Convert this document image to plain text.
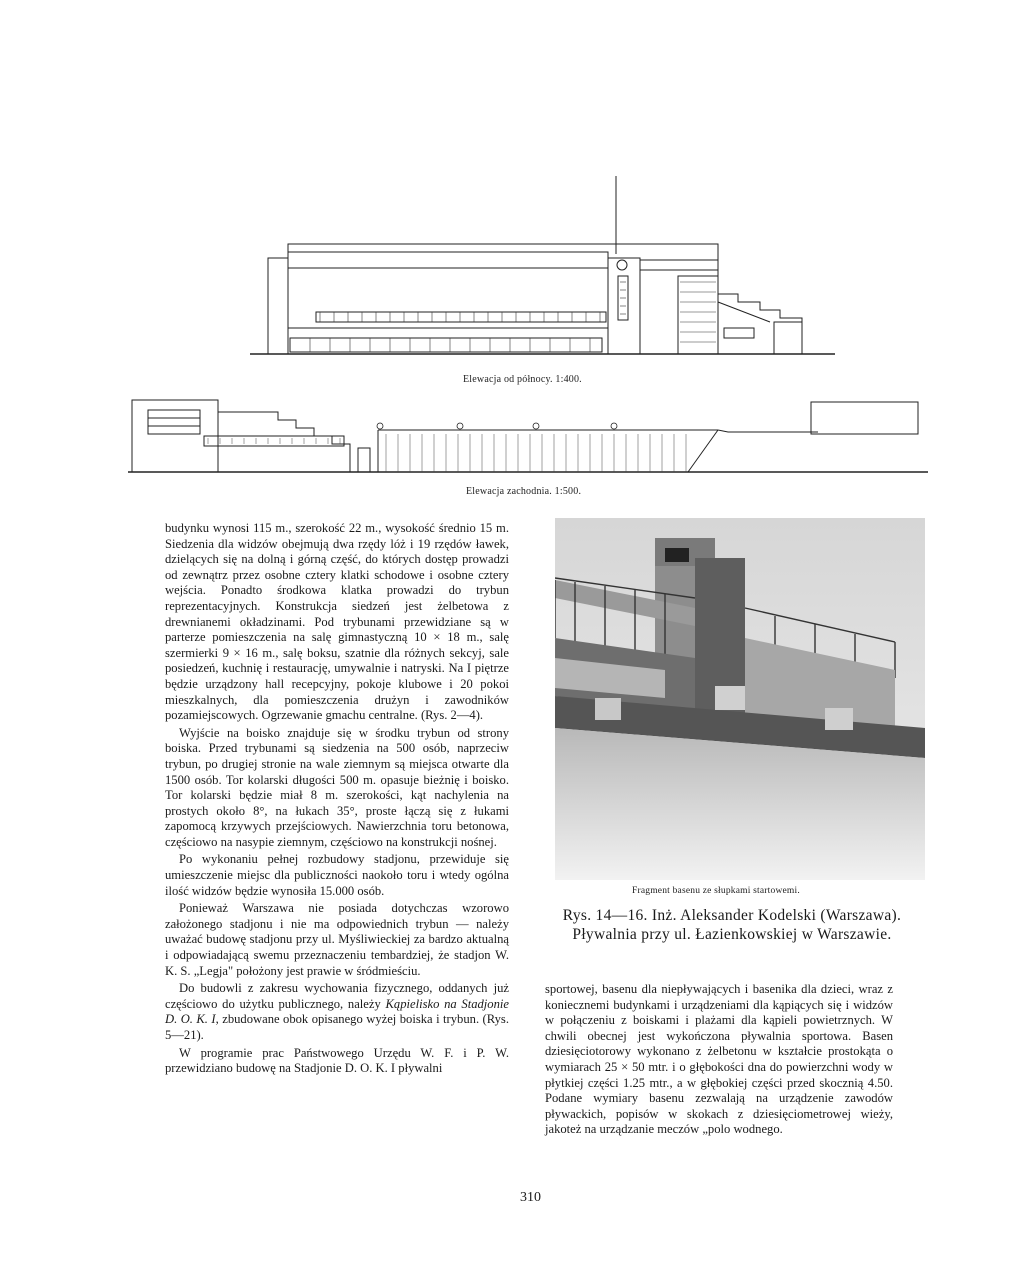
Elewacja od północy. 1:400.
Elewacja zachodnia. 1:500.
Fragment basenu ze słupkami startowemi.
Rys. 14—16. Inż. Aleksander Kodelski (Warszawa).
Pływalnia przy ul. Łazienkowskiej w Warszawie.

budynku wynosi 115 m., szerokość 22 m., wysokość średnio 15 m. Siedzenia dla widzów obejmują dwa rzędy lóż i 19 rzędów ławek, dzielących się na dolną i górną część, do których dostęp prowadzi od zewnątrz przez osobne cztery klatki schodowe i osobne cztery wejścia. Ponadto środkowa klatka prowadzi do trybun reprezentacyjnych. Konstrukcja siedzeń jest żelbetowa z drewnianemi okładzinami. Pod trybunami przewidziane są w parterze pomieszczenia na salę gimnastyczną 10 × 18 m., salę szermierki 9 × 16 m., salę boksu, szatnie dla różnych sekcyj, sale posiedzeń, kuchnię i restaurację, umywalnie i natryski. Na I piętrze będzie urządzony hall recepcyjny, pokoje klubowe i 20 pokoi mieszkalnych, dla pomieszczenia drużyn i zawodników pozamiejscowych. Ogrzewanie gmachu centralne. (Rys. 2—4).

Wyjście na boisko znajduje się w środku trybun od strony boiska. Przed trybunami są siedzenia na 500 osób, naprzeciw trybun, po drugiej stronie na wale ziemnym są miejsca otwarte dla 1500 osób. Tor kolarski długości 500 m. opasuje bieżnię i boisko. Tor kolarski będzie miał 8 m. szerokości, kąt nachylenia na prostych około 8°, na łukach 35°, proste łączą się z łukami zapomocą krzywych przejściowych. Nawierzchnia toru betonowa, częściowo na nasypie ziemnym, częściowo na konstrukcji nośnej.

Po wykonaniu pełnej rozbudowy stadjonu, przewiduje się umieszczenie miejsc dla publiczności naokoło toru i wtedy ogólna ilość widzów będzie wynosiła 15.000 osób.

Ponieważ Warszawa nie posiada dotychczas wzorowo założonego stadjonu i nie ma odpowiednich trybun — należy uważać budowę stadjonu przy ul. Myśliwieckiej za bardzo aktualną i odpowiadającą swemu przeznaczeniu tembardziej, że stadjon W. K. S. „Legja" położony jest prawie w śródmieściu.

Do budowli z zakresu wychowania fizycznego, oddanych już częściowo do użytku publicznego, należy Kąpielisko na Stadjonie D. O. K. I, zbudowane obok opisanego wyżej boiska i trybun. (Rys. 5—21).

W programie prac Państwowego Urzędu W. F. i P. W. przewidziano budowę na Stadjonie D. O. K. I pływalni

sportowej, basenu dla niepływających i basenika dla dzieci, wraz z koniecznemi budynkami i urządzeniami dla kąpiących się i widzów w połączeniu z boiskami i plażami dla kąpieli powietrznych. W chwili obecnej jest wykończona pływalnia sportowa. Basen dziesięciotorowy wykonano z żelbetonu w kształcie prostokąta o wymiarach 25 × 50 mtr. i o głębokości dna do powierzchni wody w płytkiej części 1.25 mtr., a w głębokiej części przed skocznią 4.50. Podane wymiary basenu zezwalają na urządzenie zawodów pływackich, popisów w skokach z dziesięciometrowej wieży, jakoteż na urządzanie meczów „polo wodnego.

310
